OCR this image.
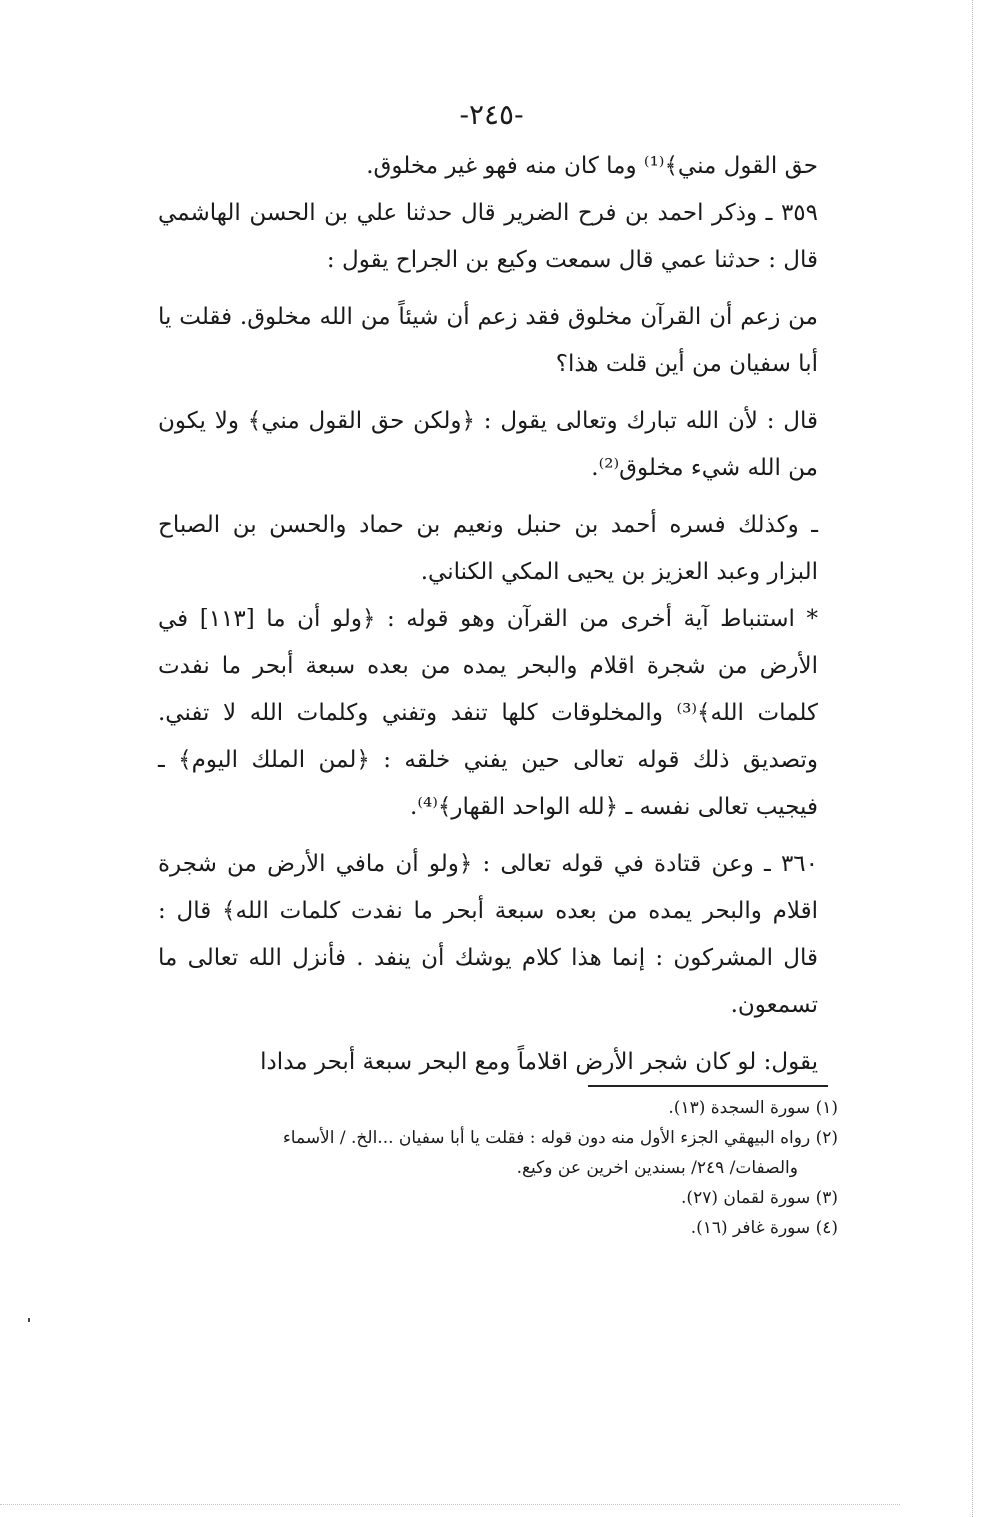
-٢٤٥-

حق القول مني﴾⁽¹⁾ وما كان منه فهو غير مخلوق.

٣٥٩ ـ وذكر احمد بن فرح الضرير قال حدثنا علي بن الحسن الهاشمي قال : حدثنا عمي قال سمعت وكيع بن الجراح يقول :

من زعم أن القرآن مخلوق فقد زعم أن شيئاً من الله مخلوق. فقلت يا أبا سفيان من أين قلت هذا؟

قال : لأن الله تبارك وتعالى يقول : ﴿ولكن حق القول مني﴾ ولا يكون من الله شيء مخلوق⁽²⁾.

ـ وكذلك فسره أحمد بن حنبل ونعيم بن حماد والحسن بن الصباح البزار وعبد العزيز بن يحيى المكي الكناني.

* استنباط آية أخرى من القرآن وهو قوله : ﴿ولو أن ما [١١٣] في الأرض من شجرة اقلام والبحر يمده من بعده سبعة أبحر ما نفدت كلمات الله﴾⁽³⁾ والمخلوقات كلها تنفد وتفني وكلمات الله لا تفني. وتصديق ذلك قوله تعالى حين يفني خلقه : ﴿لمن الملك اليوم﴾ ـ فيجيب تعالى نفسه ـ ﴿لله الواحد القهار﴾⁽⁴⁾.

٣٦٠ ـ وعن قتادة في قوله تعالى : ﴿ولو أن مافي الأرض من شجرة اقلام والبحر يمده من بعده سبعة أبحر ما نفدت كلمات الله﴾ قال : قال المشركون : إنما هذا كلام يوشك أن ينفد . فأنزل الله تعالى ما تسمعون.

يقول: لو كان شجر الأرض اقلاماً ومع البحر سبعة أبحر مدادا

(١) سورة السجدة (١٣).

(٢) رواه البيهقي الجزء الأول منه دون قوله : فقلت يا أبا سفيان ...الخ. / الأسماء

والصفات/ ٢٤٩/ بسندين اخرين عن وكيع.

(٣) سورة لقمان (٢٧).

(٤) سورة غافر (١٦).
